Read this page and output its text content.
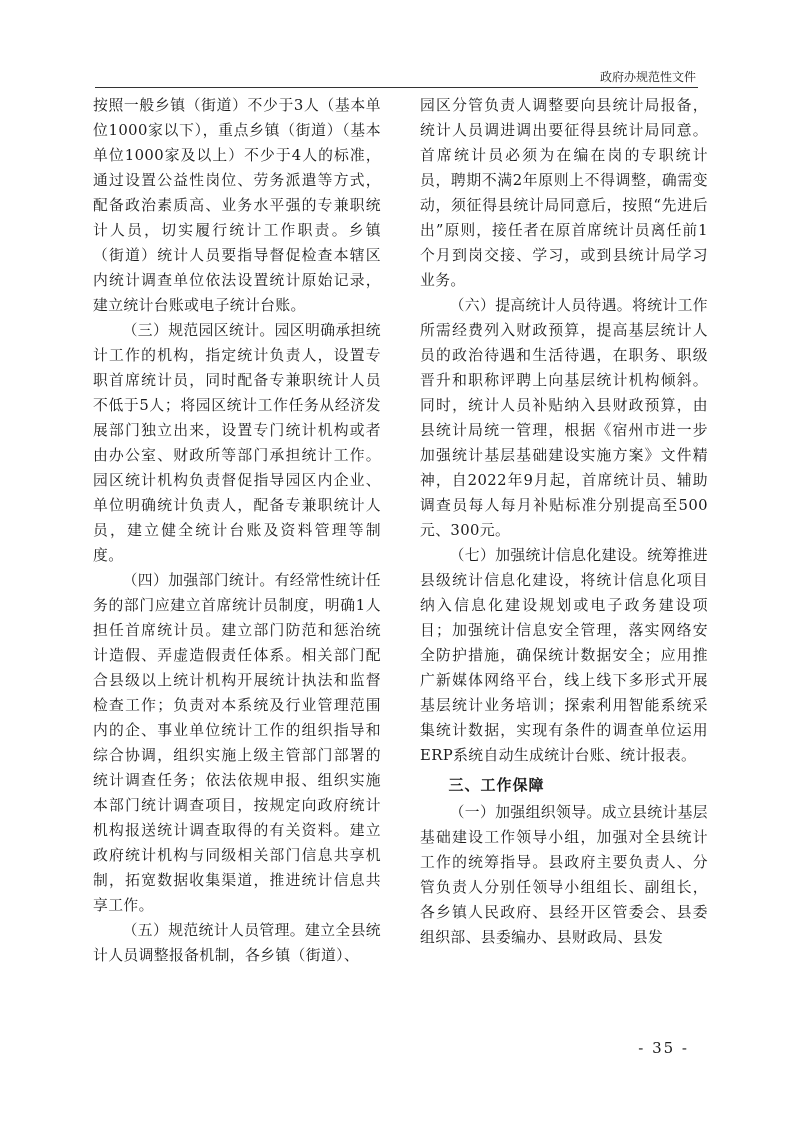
政府办规范性文件

按照一般乡镇（街道）不少于3人（基本单位1000家以下），重点乡镇（街道）（基本单位1000家及以上）不少于4人的标准，通过设置公益性岗位、劳务派遣等方式，配备政治素质高、业务水平强的专兼职统计人员，切实履行统计工作职责。乡镇（街道）统计人员要指导督促检查本辖区内统计调查单位依法设置统计原始记录，建立统计台账或电子统计台账。

（三）规范园区统计。园区明确承担统计工作的机构，指定统计负责人，设置专职首席统计员，同时配备专兼职统计人员不低于5人；将园区统计工作任务从经济发展部门独立出来，设置专门统计机构或者由办公室、财政所等部门承担统计工作。园区统计机构负责督促指导园区内企业、单位明确统计负责人，配备专兼职统计人员，建立健全统计台账及资料管理等制度。

（四）加强部门统计。有经常性统计任务的部门应建立首席统计员制度，明确1人担任首席统计员。建立部门防范和惩治统计造假、弄虚造假责任体系。相关部门配合县级以上统计机构开展统计执法和监督检查工作；负责对本系统及行业管理范围内的企、事业单位统计工作的组织指导和综合协调，组织实施上级主管部门部署的统计调查任务；依法依规申报、组织实施本部门统计调查项目，按规定向政府统计机构报送统计调查取得的有关资料。建立政府统计机构与同级相关部门信息共享机制，拓宽数据收集渠道，推进统计信息共享工作。

（五）规范统计人员管理。建立全县统计人员调整报备机制，各乡镇（街道）、

园区分管负责人调整要向县统计局报备，统计人员调进调出要征得县统计局同意。首席统计员必须为在编在岗的专职统计员，聘期不满2年原则上不得调整，确需变动，须征得县统计局同意后，按照“先进后出”原则，接任者在原首席统计员离任前1个月到岗交接、学习，或到县统计局学习业务。

（六）提高统计人员待遇。将统计工作所需经费列入财政预算，提高基层统计人员的政治待遇和生活待遇，在职务、职级晋升和职称评聘上向基层统计机构倾斜。同时，统计人员补贴纳入县财政预算，由县统计局统一管理，根据《宿州市进一步加强统计基层基础建设实施方案》文件精神，自2022年9月起，首席统计员、辅助调查员每人每月补贴标准分别提高至500元、300元。

（七）加强统计信息化建设。统筹推进县级统计信息化建设，将统计信息化项目纳入信息化建设规划或电子政务建设项目；加强统计信息安全管理，落实网络安全防护措施，确保统计数据安全；应用推广新媒体网络平台，线上线下多形式开展基层统计业务培训；探索利用智能系统采集统计数据，实现有条件的调查单位运用ERP系统自动生成统计台账、统计报表。

三、工作保障

（一）加强组织领导。成立县统计基层基础建设工作领导小组，加强对全县统计工作的统筹指导。县政府主要负责人、分管负责人分别任领导小组组长、副组长，各乡镇人民政府、县经开区管委会、县委组织部、县委编办、县财政局、县发

- 35 -
